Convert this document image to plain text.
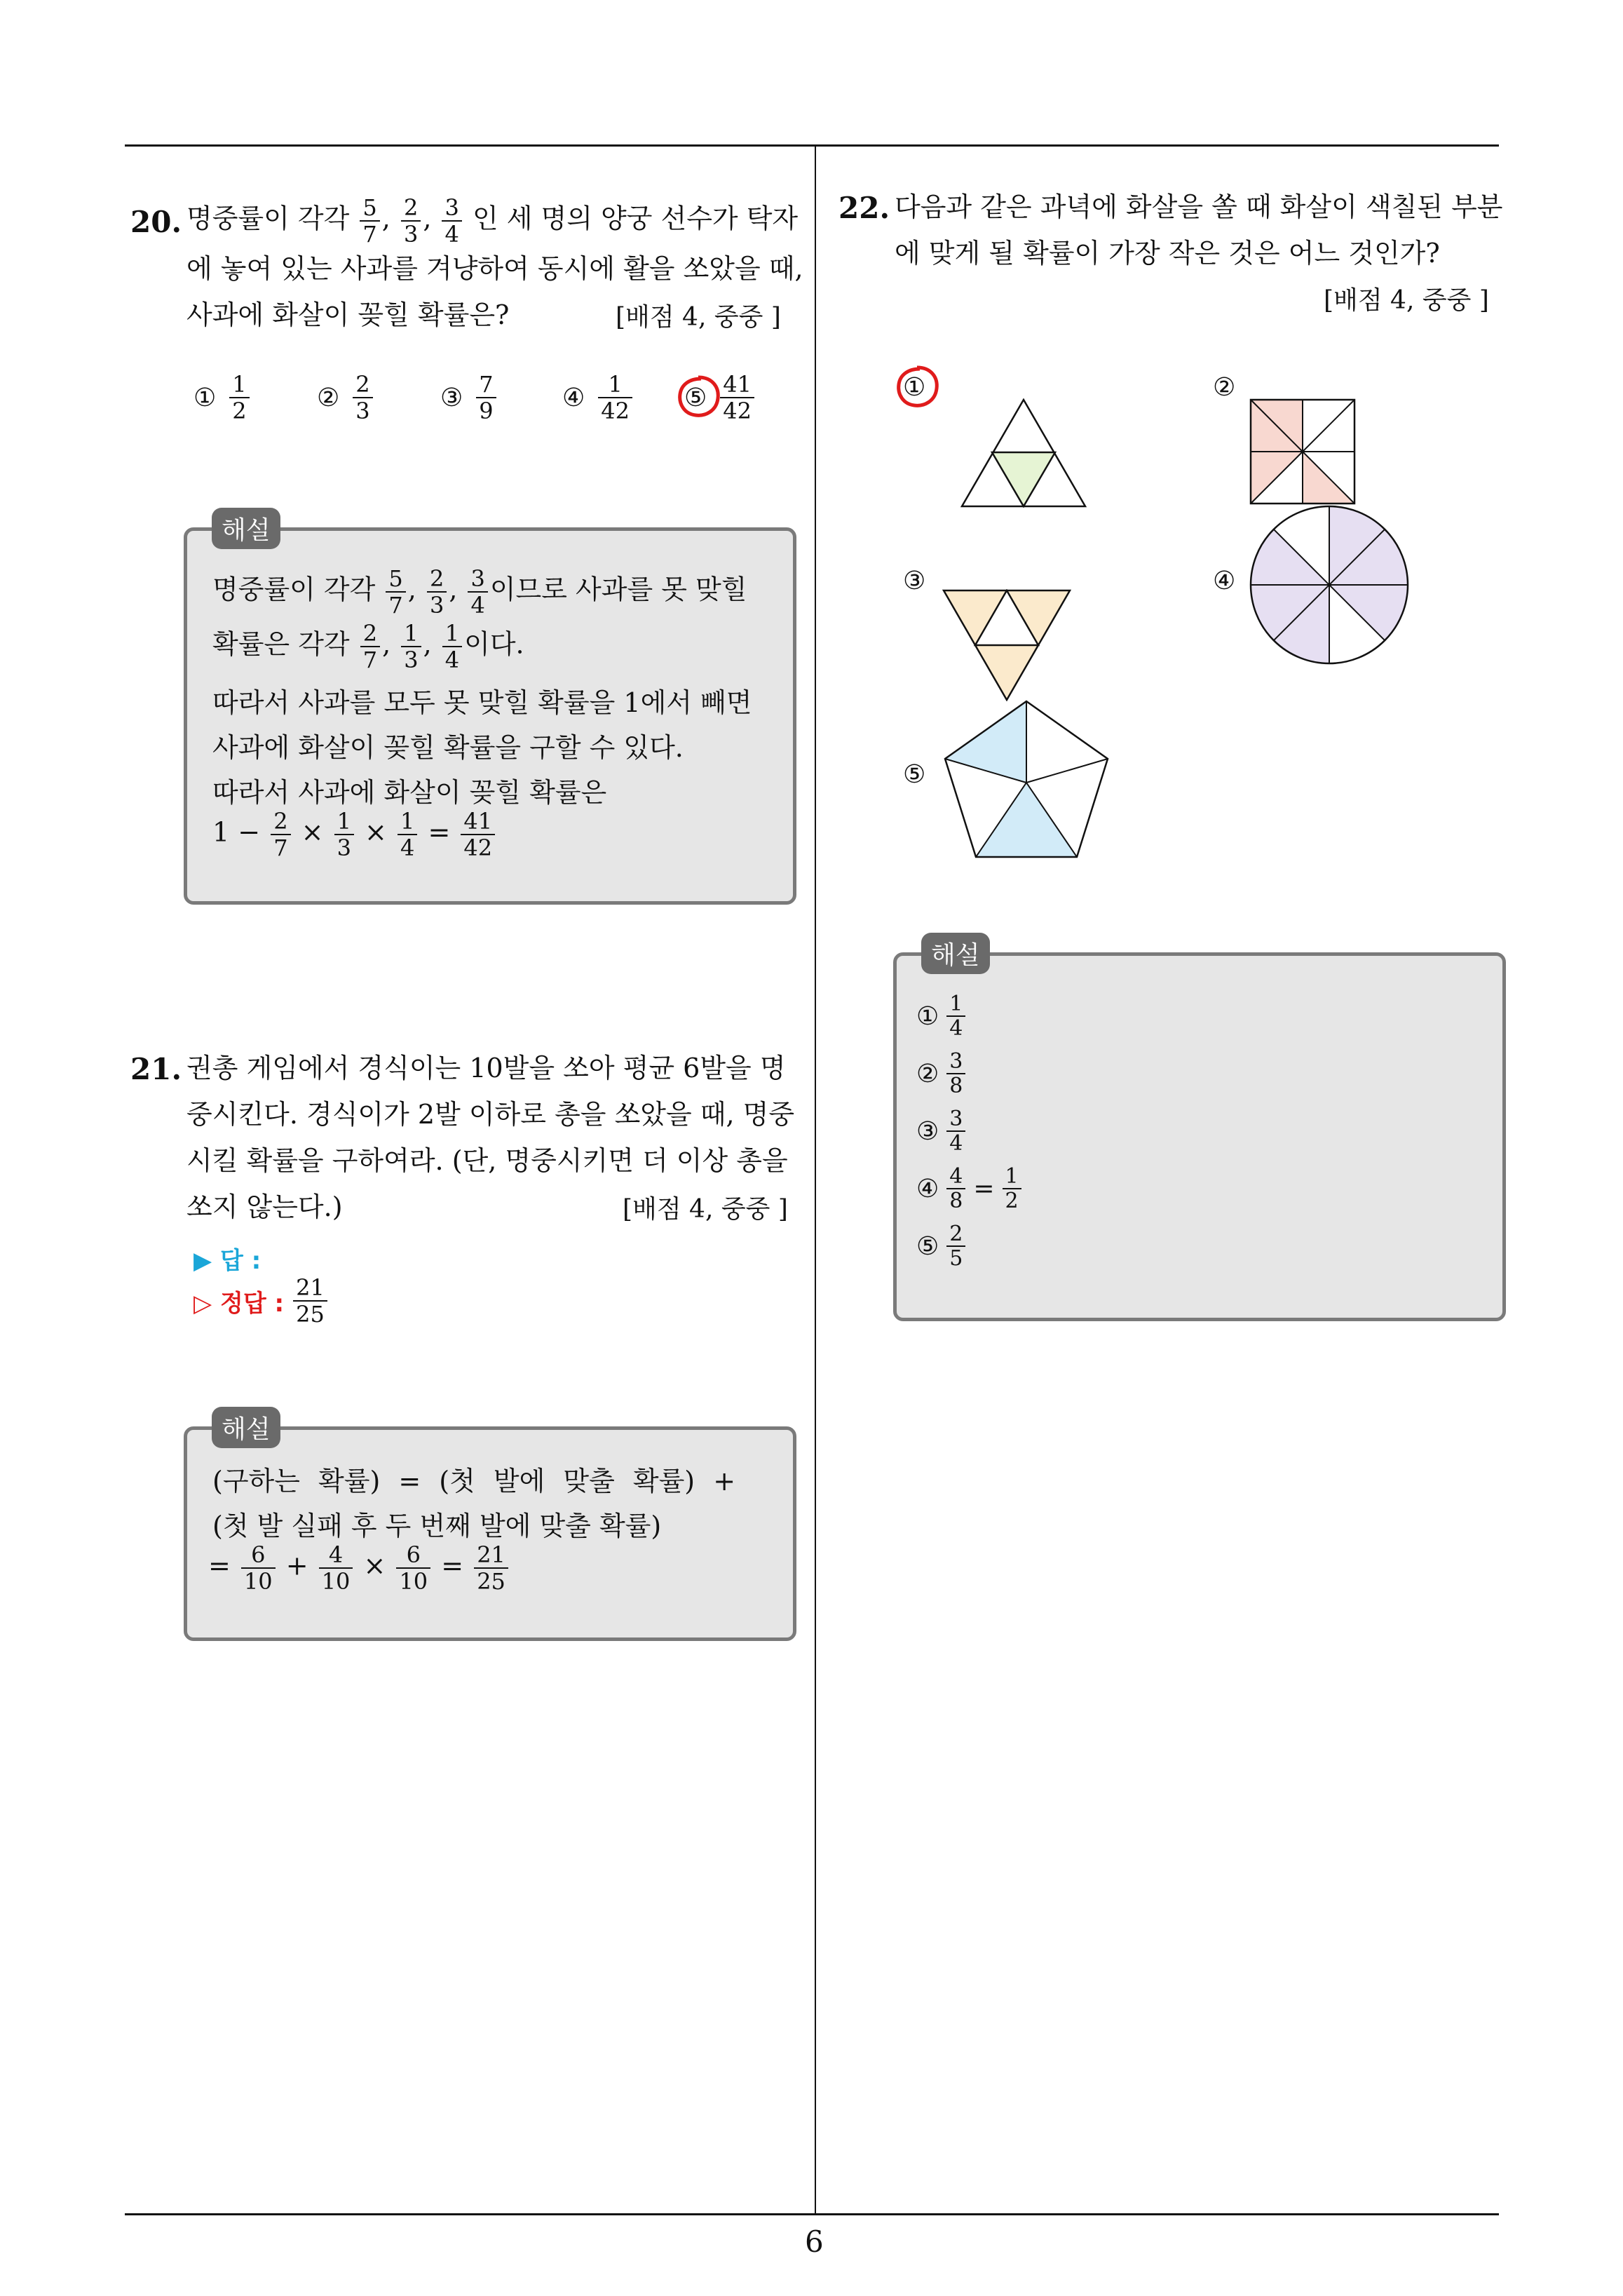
6
20. 명중률이 각각 $\frac{5}{7}$ , $\frac{2}{3}$ , $\frac{3}{4}$ 인 세 명의 양궁 선수가 탁자
에 놓여 있는 사과를 겨냥하여 동시에 활을 쏘았을 때,
사과에 화살이 꽂힐 확률은?	[배점 4, 중중 ]
① $\frac{1}{2}$	② $\frac{2}{3}$	③ $\frac{7}{9}$	④ $\frac{1}{42}$ ⑤ $\frac{41}{42}$
명중률이 각각 $\frac{5}{7}$ , $\frac{2}{3}$ , $\frac{3}{4}$ 이므로 사과를 못 맞힐
확률은 각각 $\frac{2}{7}$ , $\frac{1}{3}$ , $\frac{1}{4}$ 이다.
따라서 사과를 모두 못 맞힐 확률을 1에서 빼면
사과에 화살이 꽂힐 확률을 구할 수 있다.
따라서 사과에 화살이 꽂힐 확률은
$1 - \frac{2}{7} \times \frac{1}{3} \times \frac{1}{4} = \frac{41}{42}$
해설
21. 권총 게임에서 경식이는 10발을 쏘아 평균 6발을 명
중시킨다. 경식이가 2발 이하로 총을 쏘았을 때, 명중
시킬 확률을 구하여라. (단, 명중시키면 더 이상 총을
쏘지 않는다.)	[배점 4, 중중 ]
▶ 답 :
▷ 정답 : $\frac{21}{25}$
(구하는 확률) = (첫 발에 맞출 확률) +
(첫 발 실패 후 두 번째 발에 맞출 확률)
= $\frac{6}{10} + \frac{4}{10} \times \frac{6}{10} = \frac{21}{25}$
해설
22. 다음과 같은 과녁에 화살을 쏠 때 화살이 색칠된 부분
에 맞게 될 확률이 가장 작은 것은 어느 것인가?
[배점 4, 중중 ]
①	②
③	④
⑤
① $\frac{1}{4}$
② $\frac{3}{8}$
③ $\frac{3}{4}$
④ $\frac{4}{8} = \frac{1}{2}$
⑤ $\frac{2}{5}$
해설
